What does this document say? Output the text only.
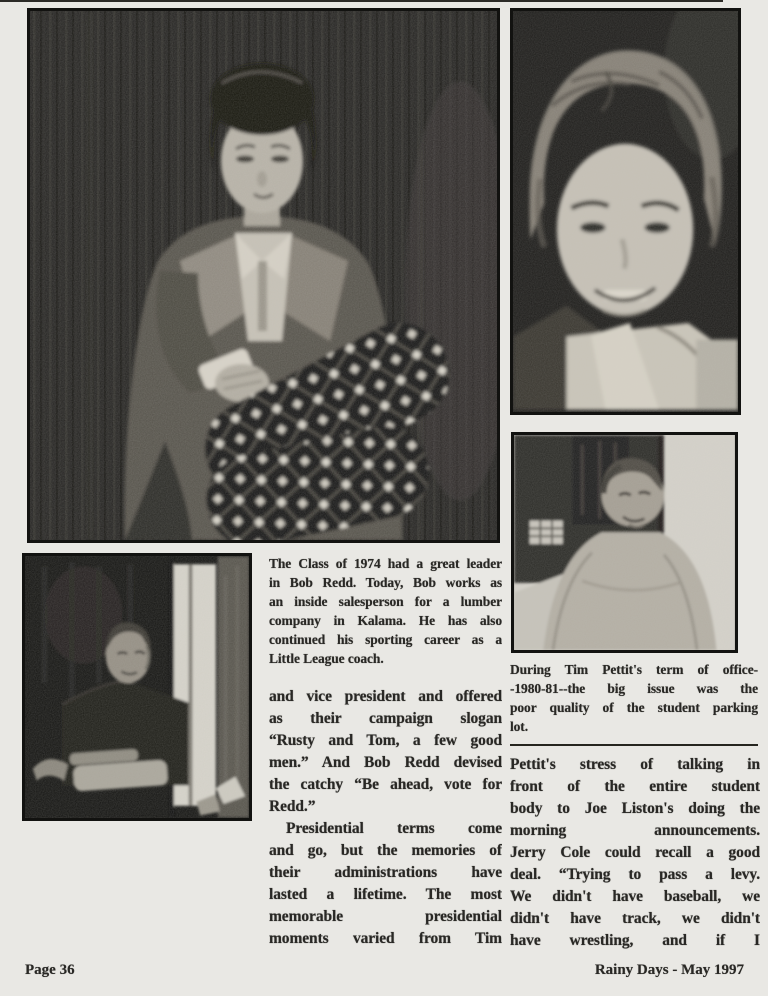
The Class of 1974 had a great leader
in Bob Redd. Today, Bob works as
an inside salesperson for a lumber
company in Kalama. He has also
continued his sporting career as a
Little League coach.
and vice president and offered
as their campaign slogan
“Rusty and Tom, a few good
men.” And Bob Redd devised
the catchy “Be ahead, vote for
Redd.”
Presidential terms come
and go, but the memories of
their administrations have
lasted a lifetime. The most
memorable presidential
moments varied from Tim
During Tim Pettit's term of office-
-1980-81--the big issue was the
poor quality of the student parking
lot.
Pettit's stress of talking in
front of the entire student
body to Joe Liston's doing the
morning announcements.
Jerry Cole could recall a good
deal. “Trying to pass a levy.
We didn't have baseball, we
didn't have track, we didn't
have wrestling, and if I
Page 36	Rainy Days - May 1997
